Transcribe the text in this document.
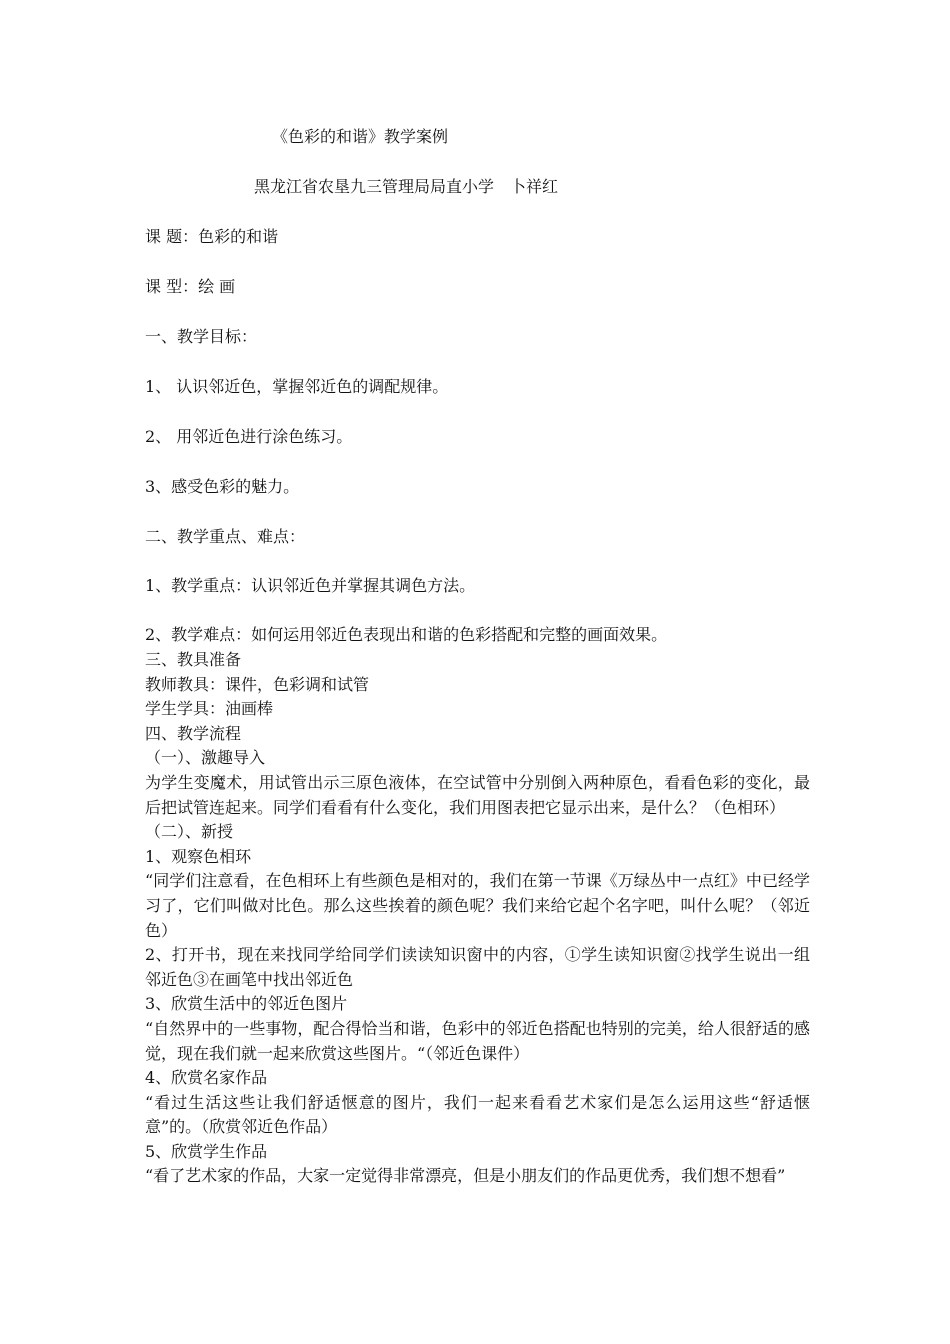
《色彩的和谐》教学案例
黑龙江省农垦九三管理局局直小学　卜祥红
课 题：色彩的和谐
课 型：绘 画
一、教学目标：
1、 认识邻近色，掌握邻近色的调配规律。
2、 用邻近色进行涂色练习。
3、感受色彩的魅力。
二、教学重点、难点：
1、教学重点：认识邻近色并掌握其调色方法。
2、教学难点：如何运用邻近色表现出和谐的色彩搭配和完整的画面效果。

三、教具准备

教师教具：课件，色彩调和试管

学生学具：油画棒

四、教学流程

（一）、激趣导入

为学生变魔术，用试管出示三原色液体，在空试管中分别倒入两种原色，看看色彩的变化，最后把试管连起来。同学们看看有什么变化，我们用图表把它显示出来，是什么？（色相环）

（二）、新授

1、观察色相环

“同学们注意看，在色相环上有些颜色是相对的，我们在第一节课《万绿丛中一点红》中已经学习了，它们叫做对比色。那么这些挨着的颜色呢？我们来给它起个名字吧，叫什么呢？（邻近色）

2、打开书，现在来找同学给同学们读读知识窗中的内容，①学生读知识窗②找学生说出一组邻近色③在画笔中找出邻近色

3、欣赏生活中的邻近色图片

“自然界中的一些事物，配合得恰当和谐，色彩中的邻近色搭配也特别的完美，给人很舒适的感觉，现在我们就一起来欣赏这些图片。“（邻近色课件）

4、欣赏名家作品

“看过生活这些让我们舒适惬意的图片，我们一起来看看艺术家们是怎么运用这些“舒适惬意”的。（欣赏邻近色作品）

5、欣赏学生作品

“看了艺术家的作品，大家一定觉得非常漂亮，但是小朋友们的作品更优秀，我们想不想看”
